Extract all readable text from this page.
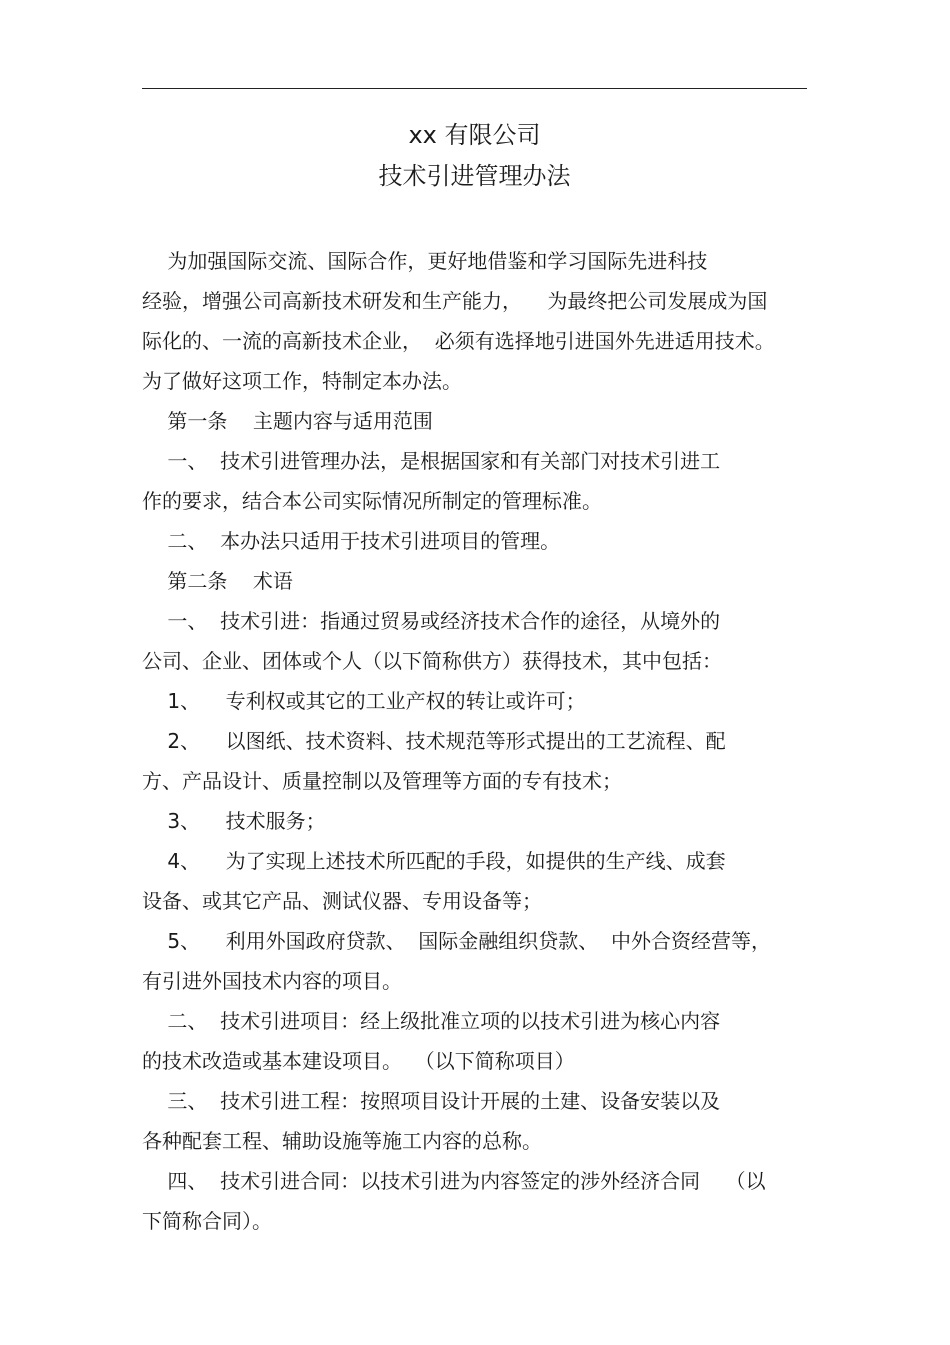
xx 有限公司
技术引进管理办法
为加强国际交流、国际合作，更好地借鉴和学习国际先进科技
经验，增强公司高新技术研发和生产能力，    为最终把公司发展成为国
际化的、一流的高新技术企业，  必须有选择地引进国外先进适用技术。
为了做好这项工作，特制定本办法。
第一条    主题内容与适用范围
一、  技术引进管理办法，是根据国家和有关部门对技术引进工
作的要求，结合本公司实际情况所制定的管理标准。
二、  本办法只适用于技术引进项目的管理。
第二条    术语
一、  技术引进：指通过贸易或经济技术合作的途径，从境外的
公司、企业、团体或个人（以下简称供方）获得技术，其中包括：
1、    专利权或其它的工业产权的转让或许可；
2、    以图纸、技术资料、技术规范等形式提出的工艺流程、配
方、产品设计、质量控制以及管理等方面的专有技术；
3、    技术服务；
4、    为了实现上述技术所匹配的手段，如提供的生产线、成套
设备、或其它产品、测试仪器、专用设备等；
5、    利用外国政府贷款、  国际金融组织贷款、  中外合资经营等，
有引进外国技术内容的项目。
二、  技术引进项目：经上级批准立项的以技术引进为核心内容
的技术改造或基本建设项目。  （以下简称项目）
三、  技术引进工程：按照项目设计开展的土建、设备安装以及
各种配套工程、辅助设施等施工内容的总称。
四、  技术引进合同：以技术引进为内容签定的涉外经济合同    （以
下简称合同）。
